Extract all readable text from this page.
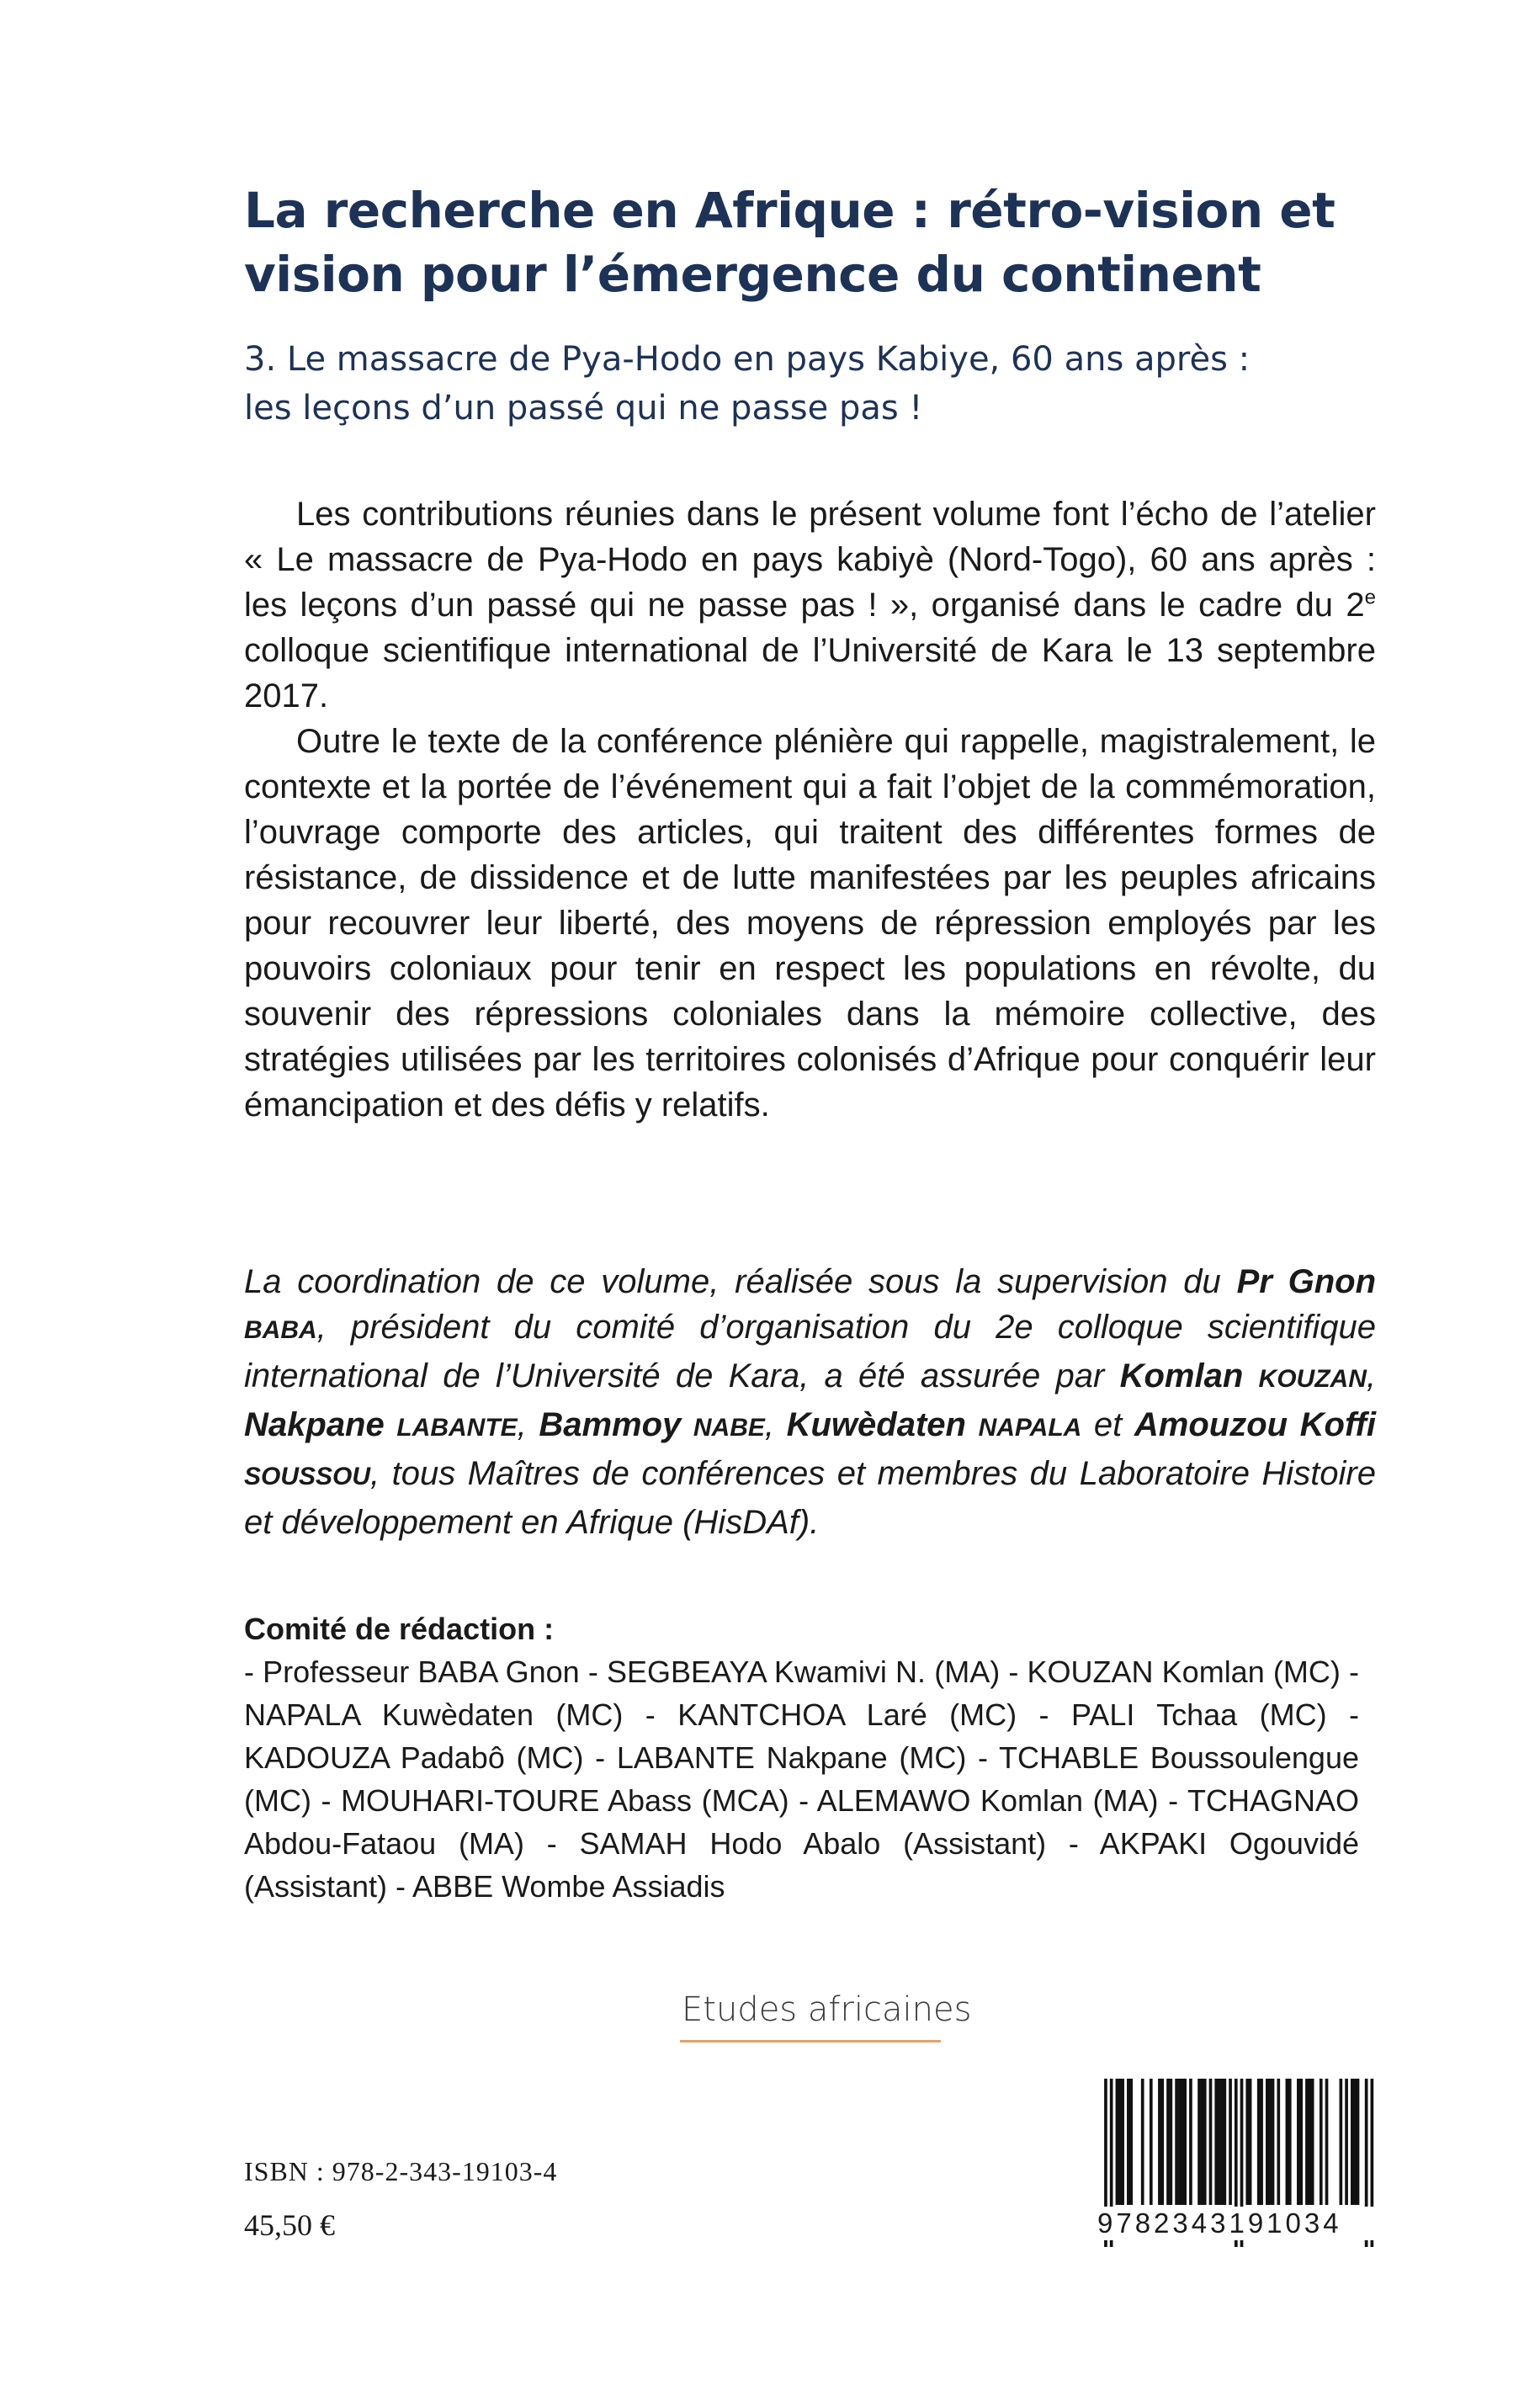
La recherche en Afrique : rétro-vision et vision pour l’émergence du continent
3. Le massacre de Pya-Hodo en pays Kabiye, 60 ans après :
les leçons d’un passé qui ne passe pas !

Les contributions réunies dans le présent volume font l’écho de l’atelier « Le massacre de Pya-Hodo en pays kabiyè (Nord-Togo), 60 ans après : les leçons d’un passé qui ne passe pas ! », organisé dans le cadre du 2e colloque scientifique international de l’Université de Kara le 13 septembre 2017.

Outre le texte de la conférence plénière qui rappelle, magistralement, le contexte et la portée de l’événement qui a fait l’objet de la commémoration, l’ouvrage comporte des articles, qui traitent des différentes formes de résistance, de dissidence et de lutte manifestées par les peuples africains pour recouvrer leur liberté, des moyens de répression employés par les pouvoirs coloniaux pour tenir en respect les populations en révolte, du souvenir des répressions coloniales dans la mémoire collective, des stratégies utilisées par les territoires colonisés d’Afrique pour conquérir leur émancipation et des défis y relatifs.

La coordination de ce volume, réalisée sous la supervision du Pr Gnon BABA, président du comité d’organisation du 2e colloque scientifique international de l’Université de Kara, a été assurée par Komlan KOUZAN, Nakpane LABANTE, Bammoy NABE, Kuwèdaten NAPALA et Amouzou Koffi SOUSSOU, tous Maîtres de conférences et membres du Laboratoire Histoire et développement en Afrique (HisDAf).

Comité de rédaction :

- Professeur BABA Gnon - SEGBEAYA Kwamivi N. (MA) - KOUZAN Komlan (MC) - NAPALA Kuwèdaten (MC) - KANTCHOA Laré (MC) - PALI Tchaa (MC) - KADOUZA Padabô (MC) - LABANTE Nakpane (MC) - TCHABLE Boussoulengue (MC) - MOUHARI-TOURE Abass (MCA) - ALEMAWO Komlan (MA) - TCHAGNAO Abdou-Fataou (MA) - SAMAH Hodo Abalo (Assistant) - AKPAKI Ogouvidé (Assistant) - ABBE Wombe Assiadis

Etudes africaines
ISBN : 978-2-343-19103-4
45,50 €	9782343191034
